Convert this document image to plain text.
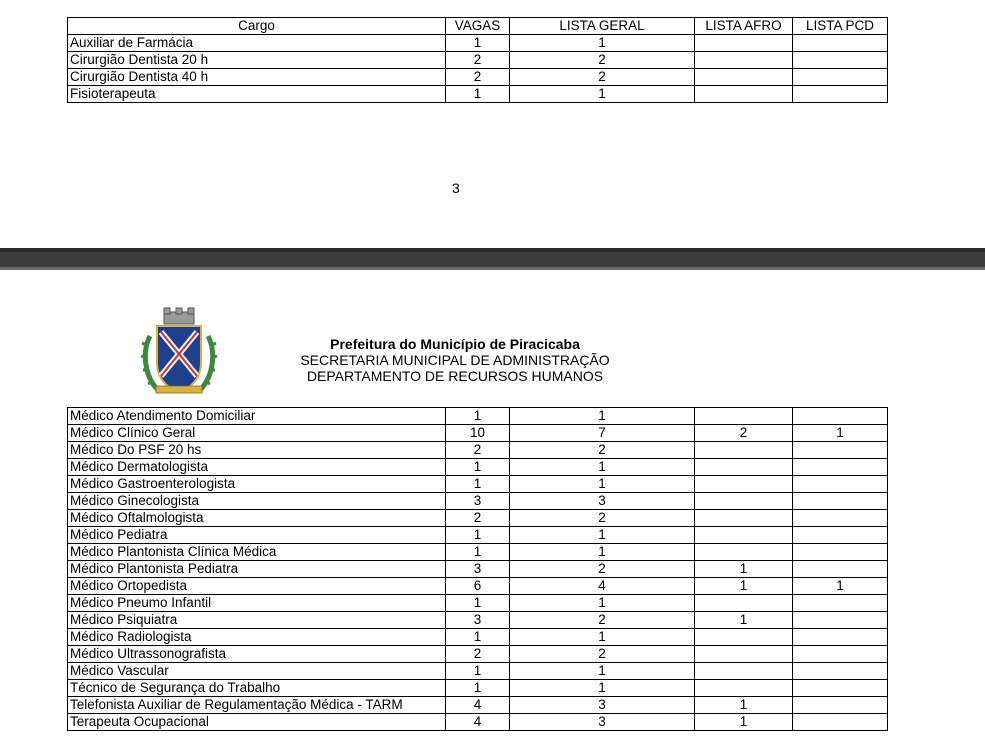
Cargo	VAGAS	LISTA GERAL	LISTA AFRO	LISTA PCD
Auxiliar de Farmácia	1	1		
Cirurgião Dentista 20 h	2	2		
Cirurgião Dentista 40 h	2	2		
Fisioterapeuta	1	1		
3
Prefeitura do Município de Piracicaba
SECRETARIA MUNICIPAL DE ADMINISTRAÇÃO
DEPARTAMENTO DE RECURSOS HUMANOS
Médico Atendimento Domiciliar	1	1		
Médico Clínico Geral	10	7	2	1
Médico Do PSF 20 hs	2	2		
Médico Dermatologista	1	1		
Médico Gastroenterologista	1	1		
Médico Ginecologista	3	3		
Médico Oftalmologista	2	2		
Médico Pediatra	1	1		
Médico Plantonista Clínica Médica	1	1		
Médico Plantonista Pediatra	3	2	1	
Médico Ortopedista	6	4	1	1
Médico Pneumo Infantil	1	1		
Médico Psiquiatra	3	2	1	
Médico Radiologista	1	1		
Médico Ultrassonografista	2	2		
Médico Vascular	1	1		
Técnico de Segurança do Trabalho	1	1		
Telefonista Auxiliar de Regulamentação Médica - TARM	4	3	1	
Terapeuta Ocupacional	4	3	1	
